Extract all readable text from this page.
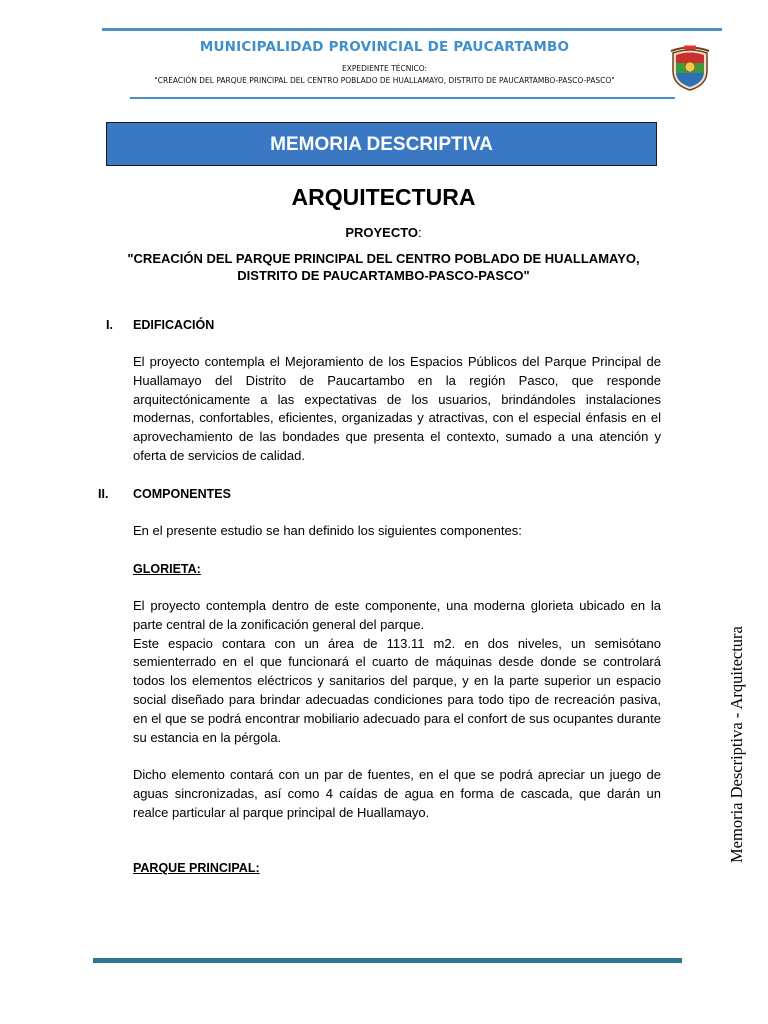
MUNICIPALIDAD PROVINCIAL DE PAUCARTAMBO
EXPEDIENTE TÉCNICO:
"CREACIÓN DEL PARQUE PRINCIPAL DEL CENTRO POBLADO DE HUALLAMAYO, DISTRITO DE PAUCARTAMBO-PASCO-PASCO"
MEMORIA DESCRIPTIVA
ARQUITECTURA
PROYECTO:
"CREACIÓN DEL PARQUE PRINCIPAL DEL CENTRO POBLADO DE HUALLAMAYO,
DISTRITO DE PAUCARTAMBO-PASCO-PASCO"
I. EDIFICACIÓN
El proyecto contempla el Mejoramiento de los Espacios Públicos del Parque Principal de Huallamayo del Distrito de Paucartambo en la región Pasco, que responde arquitectónicamente a las expectativas de los usuarios, brindándoles instalaciones modernas, confortables, eficientes, organizadas y atractivas, con el especial énfasis en el aprovechamiento de las bondades que presenta el contexto, sumado a una atención y oferta de servicios de calidad.
II. COMPONENTES
En el presente estudio se han definido los siguientes componentes:
GLORIETA:

El proyecto contempla dentro de este componente, una moderna glorieta ubicado en la parte central de la zonificación general del parque.

Este espacio contara con un área de 113.11 m2. en dos niveles, un semisótano semienterrado en el que funcionará el cuarto de máquinas desde donde se controlará todos los elementos eléctricos y sanitarios del parque, y en la parte superior un espacio social diseñado para brindar adecuadas condiciones para todo tipo de recreación pasiva, en el que se podrá encontrar mobiliario adecuado para el confort de sus ocupantes durante su estancia en la pérgola.

Dicho elemento contará con un par de fuentes, en el que se podrá apreciar un juego de aguas sincronizadas, así como 4 caídas de agua en forma de cascada, que darán un realce particular al parque principal de Huallamayo.
PARQUE PRINCIPAL:
Memoria Descriptiva - Arquitectura
